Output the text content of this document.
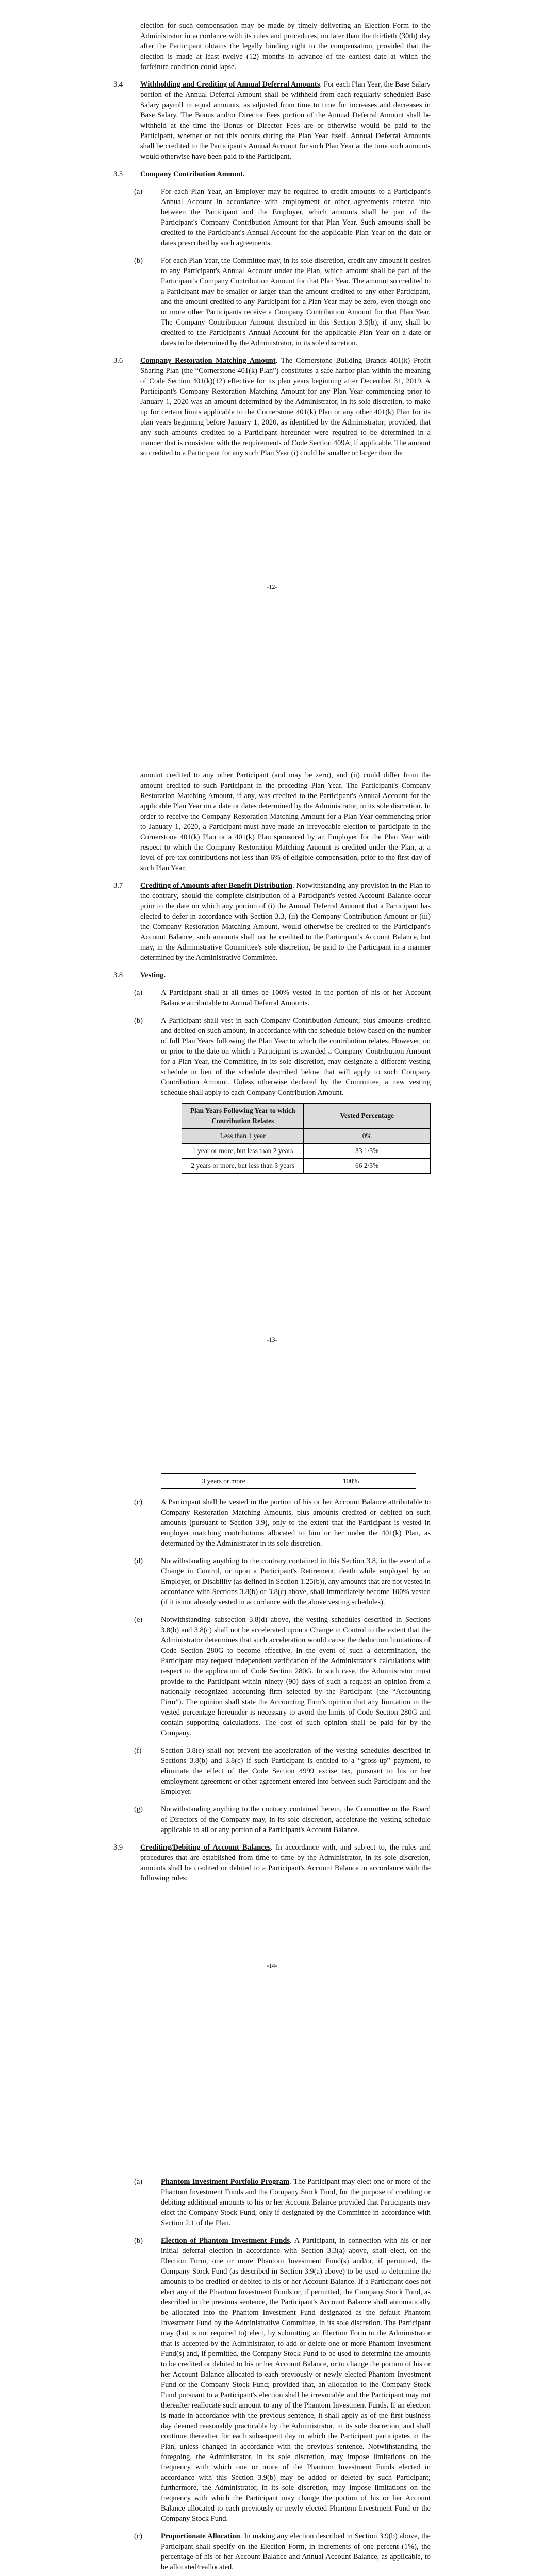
election for such compensation may be made by timely delivering an Election Form to the Administrator in accordance with its rules and procedures, no later than the thirtieth (30th) day after the Participant obtains the legally binding right to the compensation, provided that the election is made at least twelve (12) months in advance of the earliest date at which the forfeiture condition could lapse.

3.4 Withholding and Crediting of Annual Deferral Amounts. For each Plan Year, the Base Salary portion of the Annual Deferral Amount shall be withheld from each regularly scheduled Base Salary payroll in equal amounts, as adjusted from time to time for increases and decreases in Base Salary. The Bonus and/or Director Fees portion of the Annual Deferral Amount shall be withheld at the time the Bonus or Director Fees are or otherwise would be paid to the Participant, whether or not this occurs during the Plan Year itself. Annual Deferral Amounts shall be credited to the Participant's Annual Account for such Plan Year at the time such amounts would otherwise have been paid to the Participant.
3.5 Company Contribution Amount.
(a) For each Plan Year, an Employer may be required to credit amounts to a Participant's Annual Account in accordance with employment or other agreements entered into between the Participant and the Employer, which amounts shall be part of the Participant's Company Contribution Amount for that Plan Year. Such amounts shall be credited to the Participant's Annual Account for the applicable Plan Year on the date or dates prescribed by such agreements.
(b) For each Plan Year, the Committee may, in its sole discretion, credit any amount it desires to any Participant's Annual Account under the Plan, which amount shall be part of the Participant's Company Contribution Amount for that Plan Year. The amount so credited to a Participant may be smaller or larger than the amount credited to any other Participant, and the amount credited to any Participant for a Plan Year may be zero, even though one or more other Participants receive a Company Contribution Amount for that Plan Year. The Company Contribution Amount described in this Section 3.5(b), if any, shall be credited to the Participant's Annual Account for the applicable Plan Year on a date or dates to be determined by the Administrator, in its sole discretion.
3.6 Company Restoration Matching Amount. The Cornerstone Building Brands 401(k) Profit Sharing Plan (the “Cornerstone 401(k) Plan”) constitutes a safe harbor plan within the meaning of Code Section 401(k)(12) effective for its plan years beginning after December 31, 2019. A Participant's Company Restoration Matching Amount for any Plan Year commencing prior to January 1, 2020 was an amount determined by the Administrator, in its sole discretion, to make up for certain limits applicable to the Cornerstone 401(k) Plan or any other 401(k) Plan for its plan years beginning before January 1, 2020, as identified by the Administrator; provided, that any such amounts credited to a Participant hereunder were required to be determined in a manner that is consistent with the requirements of Code Section 409A, if applicable. The amount so credited to a Participant for any such Plan Year (i) could be smaller or larger than the
-12-

amount credited to any other Participant (and may be zero), and (ii) could differ from the amount credited to such Participant in the preceding Plan Year. The Participant's Company Restoration Matching Amount, if any, was credited to the Participant's Annual Account for the applicable Plan Year on a date or dates determined by the Administrator, in its sole discretion. In order to receive the Company Restoration Matching Amount for a Plan Year commencing prior to January 1, 2020, a Participant must have made an irrevocable election to participate in the Cornerstone 401(k) Plan or a 401(k) Plan sponsored by an Employer for the Plan Year with respect to which the Company Restoration Matching Amount is credited under the Plan, at a level of pre-tax contributions not less than 6% of eligible compensation, prior to the first day of such Plan Year.

3.7 Crediting of Amounts after Benefit Distribution. Notwithstanding any provision in the Plan to the contrary, should the complete distribution of a Participant's vested Account Balance occur prior to the date on which any portion of (i) the Annual Deferral Amount that a Participant has elected to defer in accordance with Section 3.3, (ii) the Company Contribution Amount or (iii) the Company Restoration Matching Amount, would otherwise be credited to the Participant's Account Balance, such amounts shall not be credited to the Participant's Account Balance, but may, in the Administrative Committee's sole discretion, be paid to the Participant in a manner determined by the Administrative Committee.
3.8 Vesting.
(a) A Participant shall at all times be 100% vested in the portion of his or her Account Balance attributable to Annual Deferral Amounts.
(b) A Participant shall vest in each Company Contribution Amount, plus amounts credited and debited on such amount, in accordance with the schedule below based on the number of full Plan Years following the Plan Year to which the contribution relates. However, on or prior to the date on which a Participant is awarded a Company Contribution Amount for a Plan Year, the Committee, in its sole discretion, may designate a different vesting schedule in lieu of the schedule described below that will apply to such Company Contribution Amount. Unless otherwise declared by the Committee, a new vesting schedule shall apply to each Company Contribution Amount.
Plan Years Following Year to which Contribution Relates	Vested Percentage
Less than 1 year	0%
1 year or more, but less than 2 years	33 1/3%
2 years or more, but less than 3 years	66 2/3%
-13-
3 years or more	100%
(c) A Participant shall be vested in the portion of his or her Account Balance attributable to Company Restoration Matching Amounts, plus amounts credited or debited on such amounts (pursuant to Section 3.9), only to the extent that the Participant is vested in employer matching contributions allocated to him or her under the 401(k) Plan, as determined by the Administrator in its sole discretion.
(d) Notwithstanding anything to the contrary contained in this Section 3.8, in the event of a Change in Control, or upon a Participant's Retirement, death while employed by an Employer, or Disability (as defined in Section 1.25(b)), any amounts that are not vested in accordance with Sections 3.8(b) or 3.8(c) above, shall immediately become 100% vested (if it is not already vested in accordance with the above vesting schedules).
(e) Notwithstanding subsection 3.8(d) above, the vesting schedules described in Sections 3.8(b) and 3.8(c) shall not be accelerated upon a Change in Control to the extent that the Administrator determines that such acceleration would cause the deduction limitations of Code Section 280G to become effective. In the event of such a determination, the Participant may request independent verification of the Administrator's calculations with respect to the application of Code Section 280G. In such case, the Administrator must provide to the Participant within ninety (90) days of such a request an opinion from a nationally recognized accounting firm selected by the Participant (the “Accounting Firm”). The opinion shall state the Accounting Firm's opinion that any limitation in the vested percentage hereunder is necessary to avoid the limits of Code Section 280G and contain supporting calculations. The cost of such opinion shall be paid for by the Company.
(f)	Section 3.8(e) shall not prevent the acceleration of the vesting schedules described in Sections 3.8(b) and 3.8(c) if such Participant is entitled to a “gross-up” payment, to eliminate the effect of the Code Section 4999 excise tax, pursuant to his or her employment agreement or other agreement entered into between such Participant and the Employer.
(g) Notwithstanding anything to the contrary contained herein, the Committee or the Board of Directors of the Company may, in its sole discretion, accelerate the vesting schedule applicable to all or any portion of a Participant's Account Balance.
3.9 Crediting/Debiting of Account Balances. In accordance with, and subject to, the rules and procedures that are established from time to time by the Administrator, in its sole discretion, amounts shall be credited or debited to a Participant's Account Balance in accordance with the following rules:
-14-
(a) Phantom Investment Portfolio Program. The Participant may elect one or more of the Phantom Investment Funds and the Company Stock Fund, for the purpose of crediting or debiting additional amounts to his or her Account Balance provided that Participants may elect the Company Stock Fund, only if designated by the Committee in accordance with Section 2.1 of the Plan.
(b) Election of Phantom Investment Funds. A Participant, in connection with his or her initial deferral election in accordance with Section 3.3(a) above, shall elect, on the Election Form, one or more Phantom Investment Fund(s) and/or, if permitted, the Company Stock Fund (as described in Section 3.9(a) above) to be used to determine the amounts to be credited or debited to his or her Account Balance. If a Participant does not elect any of the Phantom Investment Funds or, if permitted, the Company Stock Fund, as described in the previous sentence, the Participant's Account Balance shall automatically be allocated into the Phantom Investment Fund designated as the default Phantom Investment Fund by the Administrative Committee, in its sole discretion. The Participant may (but is not required to) elect, by submitting an Election Form to the Administrator that is accepted by the Administrator, to add or delete one or more Phantom Investment Fund(s) and, if permitted, the Company Stock Fund to be used to determine the amounts to be credited or debited to his or her Account Balance, or to change the portion of his or her Account Balance allocated to each previously or newly elected Phantom Investment Fund or the Company Stock Fund; provided that, an allocation to the Company Stock Fund pursuant to a Participant's election shall be irrevocable and the Participant may not thereafter reallocate such amount to any of the Phantom Investment Funds. If an election is made in accordance with the previous sentence, it shall apply as of the first business day deemed reasonably practicable by the Administrator, in its sole discretion, and shall continue thereafter for each subsequent day in which the Participant participates in the Plan, unless changed in accordance with the previous sentence. Notwithstanding the foregoing, the Administrator, in its sole discretion, may impose limitations on the frequency with which one or more of the Phantom Investment Funds elected in accordance with this Section 3.9(b) may be added or deleted by such Participant; furthermore, the Administrator, in its sole discretion, may impose limitations on the frequency with which the Participant may change the portion of his or her Account Balance allocated to each previously or newly elected Phantom Investment Fund or the Company Stock Fund.
(c) Proportionate Allocation. In making any election described in Section 3.9(b) above, the Participant shall specify on the Election Form, in increments of one percent (1%), the percentage of his or her Account Balance and Annual Account Balance, as applicable, to be allocated/reallocated.
